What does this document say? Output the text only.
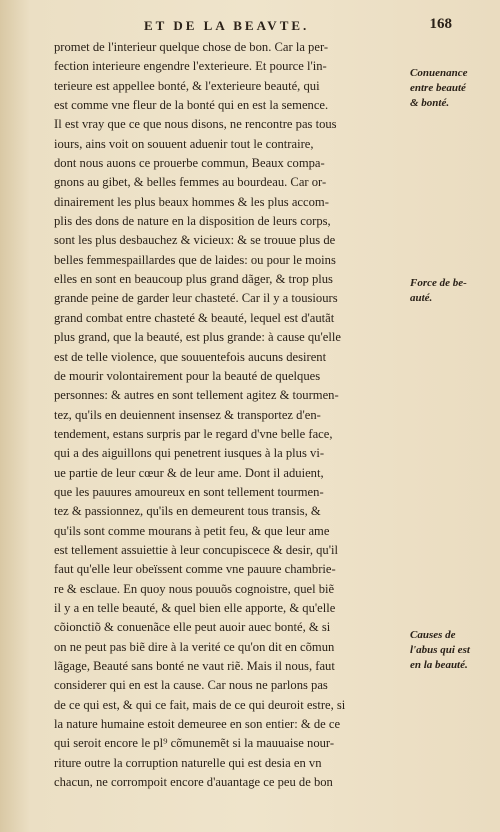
ET DE LA BEAVTE.	168
promet de l'interieur quelque chose de bon. Car la per-
fection interieure engendre l'exterieure. Et pource l'in-
terieure est appellee bonté, & l'exterieure beauté, qui
est comme vne fleur de la bonté qui en est la semence.
Il est vray que ce que nous disons, ne rencontre pas tous
iours, ains voit on souuent aduenir tout le contraire,
dont nous auons ce prouerbe commun, Beaux compa-
gnons au gibet, & belles femmes au bourdeau. Car or-
dinairement les plus beaux hommes & les plus accom-
plis des dons de nature en la disposition de leurs corps,
sont les plus desbauchez & vicieux: & se trouue plus de
belles femmespaillardes que de laides: ou pour le moins
elles en sont en beaucoup plus grand dãger, & trop plus
grande peine de garder leur chasteté. Car il y a tousiours
grand combat entre chasteté & beauté, lequel est d'autãt
plus grand, que la beauté, est plus grande: à cause qu'elle
est de telle violence, que souuentefois aucuns desirent
de mourir volontairement pour la beauté de quelques
personnes: & autres en sont tellement agitez & tourmen-
tez, qu'ils en deuiennent insensez & transportez d'en-
tendement, estans surpris par le regard d'vne belle face,
qui a des aiguillons qui penetrent iusques à la plus vi-
ue partie de leur cœur & de leur ame. Dont il aduient,
que les pauures amoureux en sont tellement tourmen-
tez & passionnez, qu'ils en demeurent tous transis, &
qu'ils sont comme mourans à petit feu, & que leur ame
est tellement assuiettie à leur concupiscece & desir, qu'il
faut qu'elle leur obeïssent comme vne pauure chambrie-
re & esclaue. En quoy nous pouuõs cognoistre, quel biẽ
il y a en telle beauté, & quel bien elle apporte, & qu'elle
cõionctiõ & conuenãce elle peut auoir auec bonté, & si
on ne peut pas biẽ dire à la verité ce qu'on dit en cõmun
lãgage, Beauté sans bonté ne vaut riẽ. Mais il nous, faut
considerer qui en est la cause. Car nous ne parlons pas
de ce qui est, & qui ce fait, mais de ce qui deuroit estre, si
la nature humaine estoit demeuree en son entier: & de ce
qui seroit encore le pl⁹ cõmunemẽt si la mauuaise nour-
riture outre la corruption naturelle qui est desia en vn
chacun, ne corrompoit encore d'auantage ce peu de bon
Conuenance
entre beauté
& bonté.
Force de be-
auté.
Causes de
l'abus qui est
en la beauté.
